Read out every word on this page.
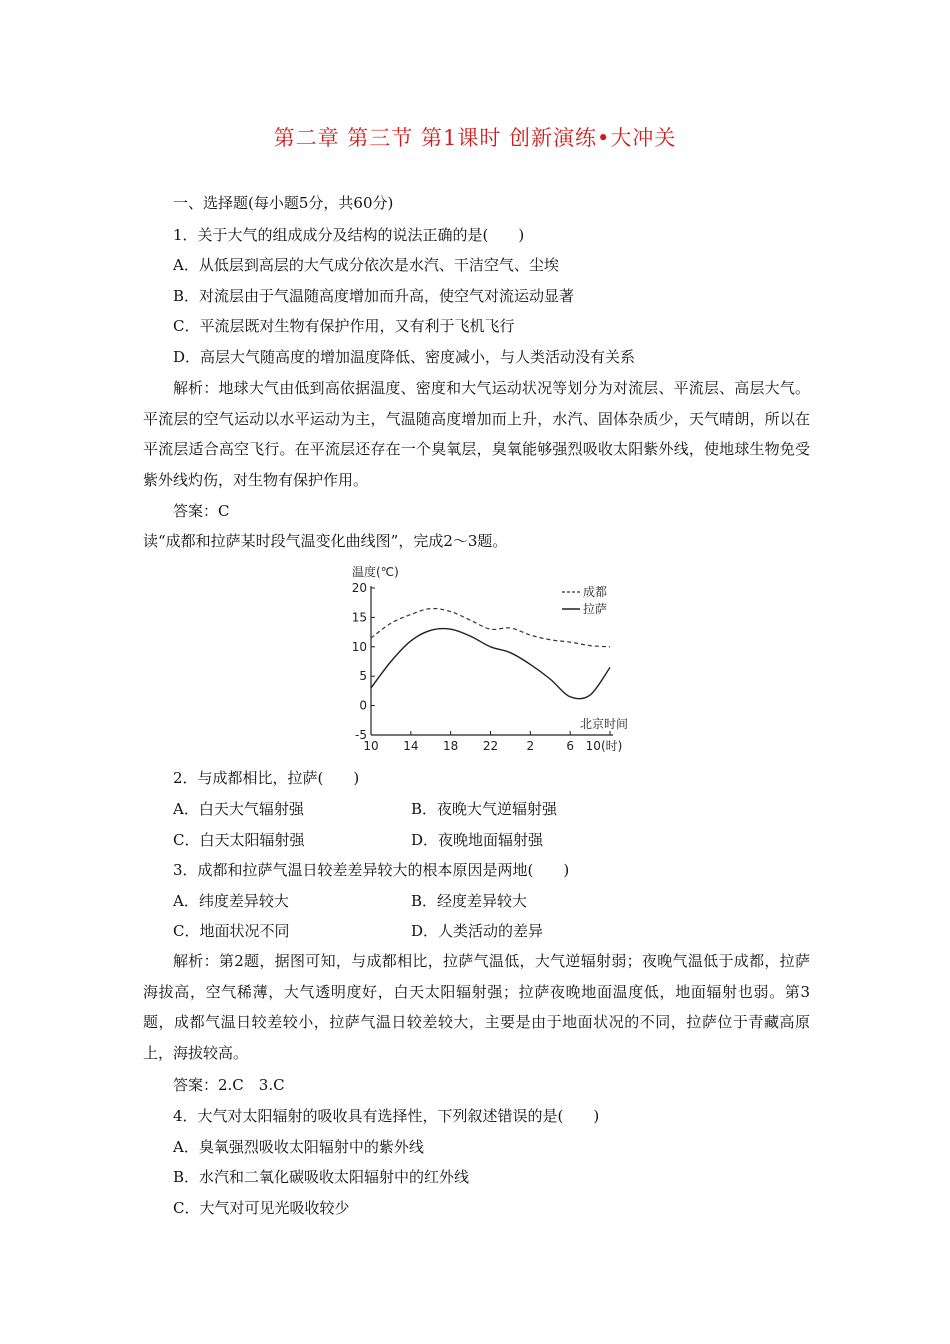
第二章 第三节 第1课时 创新演练•大冲关
一、选择题(每小题5分，共60分)
1．关于大气的组成成分及结构的说法正确的是(　　)
A．从低层到高层的大气成分依次是水汽、干洁空气、尘埃
B．对流层由于气温随高度增加而升高，使空气对流运动显著
C．平流层既对生物有保护作用，又有利于飞机飞行
D．高层大气随高度的增加温度降低、密度减小，与人类活动没有关系
解析：地球大气由低到高依据温度、密度和大气运动状况等划分为对流层、平流层、高层大气。平流层的空气运动以水平运动为主，气温随高度增加而上升，水汽、固体杂质少，天气晴朗，所以在平流层适合高空飞行。在平流层还存在一个臭氧层，臭氧能够强烈吸收太阳紫外线，使地球生物免受紫外线灼伤，对生物有保护作用。
答案：C
读“成都和拉萨某时段气温变化曲线图”，完成2～3题。
温度(℃)
20
15
10
5
0
-5
10 14 18 22 2	6 10(时)
成都
拉萨
北京时间
2．与成都相比，拉萨(　　)
A．白天大气辐射强	B．夜晚大气逆辐射强
C．白天太阳辐射强	D．夜晚地面辐射强
3．成都和拉萨气温日较差差异较大的根本原因是两地(　　)
A．纬度差异较大	B．经度差异较大
C．地面状况不同	D．人类活动的差异
解析：第2题，据图可知，与成都相比，拉萨气温低，大气逆辐射弱；夜晚气温低于成都，拉萨海拔高，空气稀薄，大气透明度好，白天太阳辐射强；拉萨夜晚地面温度低，地面辐射也弱。第3题，成都气温日较差较小，拉萨气温日较差较大，主要是由于地面状况的不同，拉萨位于青藏高原上，海拔较高。
答案：2.C　3.C
4．大气对太阳辐射的吸收具有选择性，下列叙述错误的是(　　)
A．臭氧强烈吸收太阳辐射中的紫外线
B．水汽和二氧化碳吸收太阳辐射中的红外线
C．大气对可见光吸收较少
